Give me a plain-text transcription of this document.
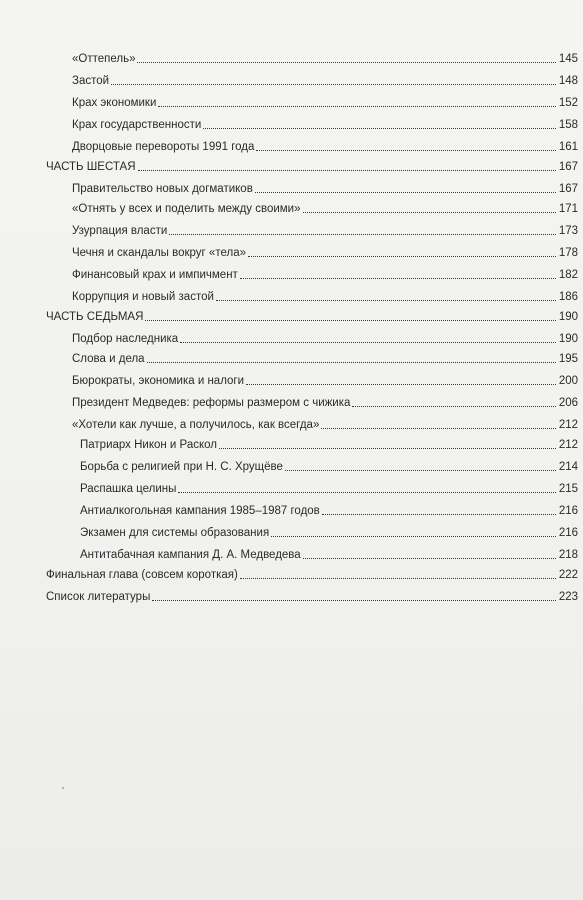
«Оттепель»	145
Застой	148
Крах экономики	152
Крах государственности	158
Дворцовые перевороты 1991 года	161
ЧАСТЬ ШЕСТАЯ	167
Правительство новых догматиков	167
«Отнять у всех и поделить между своими»	171
Узурпация власти	173
Чечня и скандалы вокруг «тела»	178
Финансовый крах и импичмент	182
Коррупция и новый застой	186
ЧАСТЬ СЕДЬМАЯ	190
Подбор наследника	190
Слова и дела	195
Бюрократы, экономика и налоги	200
Президент Медведев: реформы размером с чижика	206
«Хотели как лучше, а получилось, как всегда»	212
Патриарх Никон и Раскол	212
Борьба с религией при Н. С. Хрущёве	214
Распашка целины	215
Антиалкогольная кампания 1985–1987 годов	216
Экзамен для системы образования	216
Антитабачная кампания Д. А. Медведева	218
Финальная глава (совсем короткая)	222
Список литературы	223
